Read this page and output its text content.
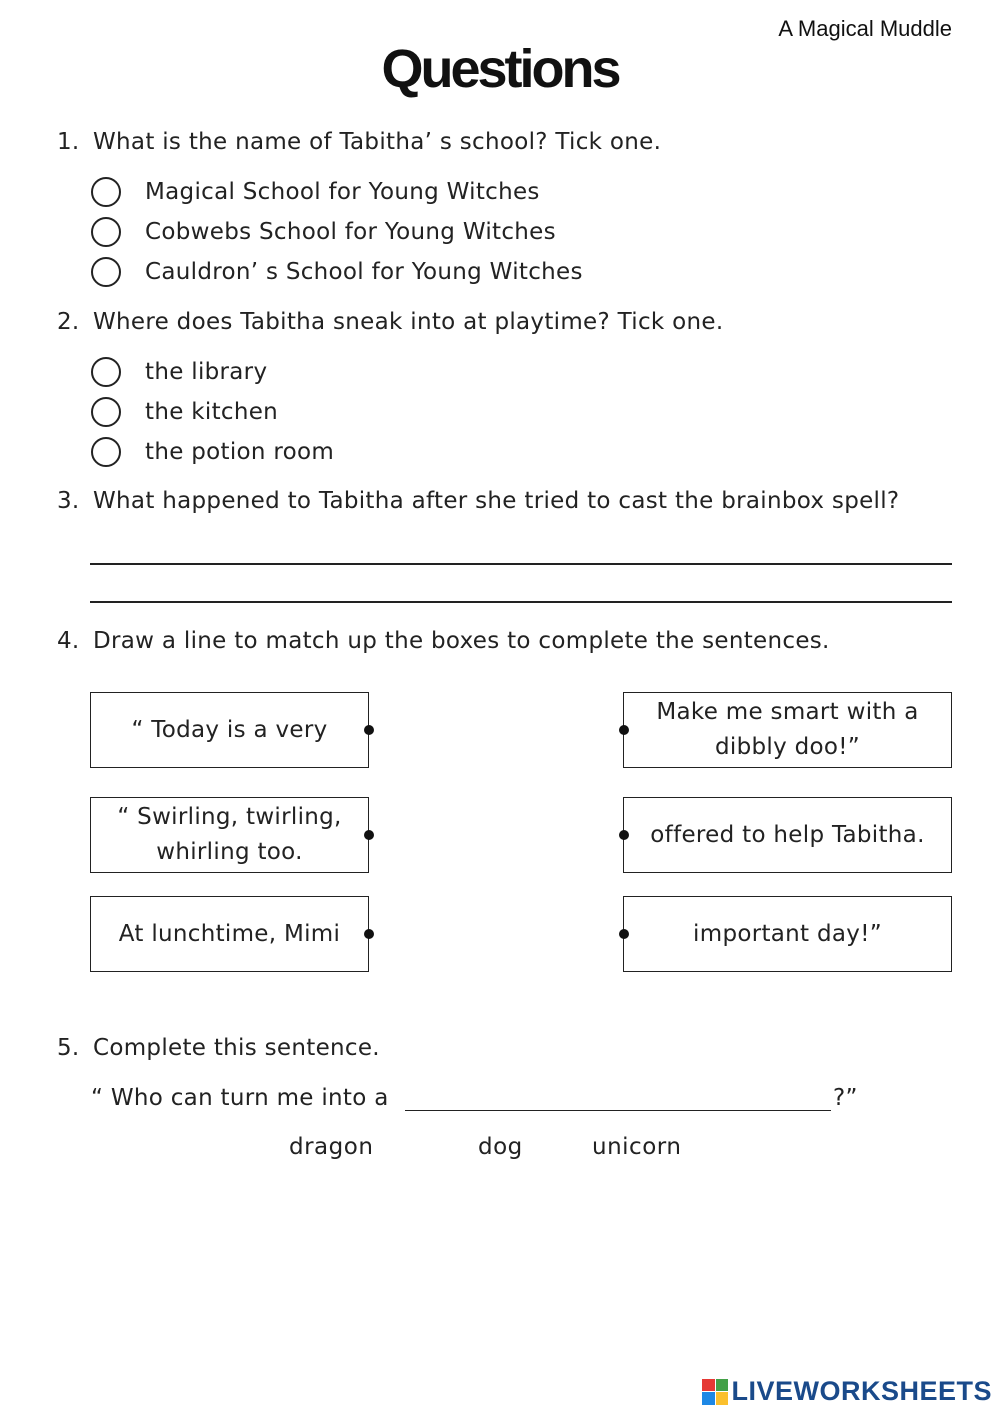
A Magical Muddle
Questions
1. What is the name of Tabitha’ s school? Tick one.
Magical School for Young Witches
Cobwebs School for Young Witches
Cauldron’ s School for Young Witches
2. Where does Tabitha sneak into at playtime? Tick one.
the library
the kitchen
the potion room
3. What happened to Tabitha after she tried to cast the brainbox spell?
4. Draw a line to match up the boxes to complete the sentences.
“ Today is a very
“ Swirling, twirling, whirling too.
At lunchtime, Mimi
Make me smart with a dibbly doo!”
offered to help Tabitha.
important day!”
5. Complete this sentence.
“ Who can turn me into a	?”
dragon	dog	unicorn
LIVEWORKSHEETS
